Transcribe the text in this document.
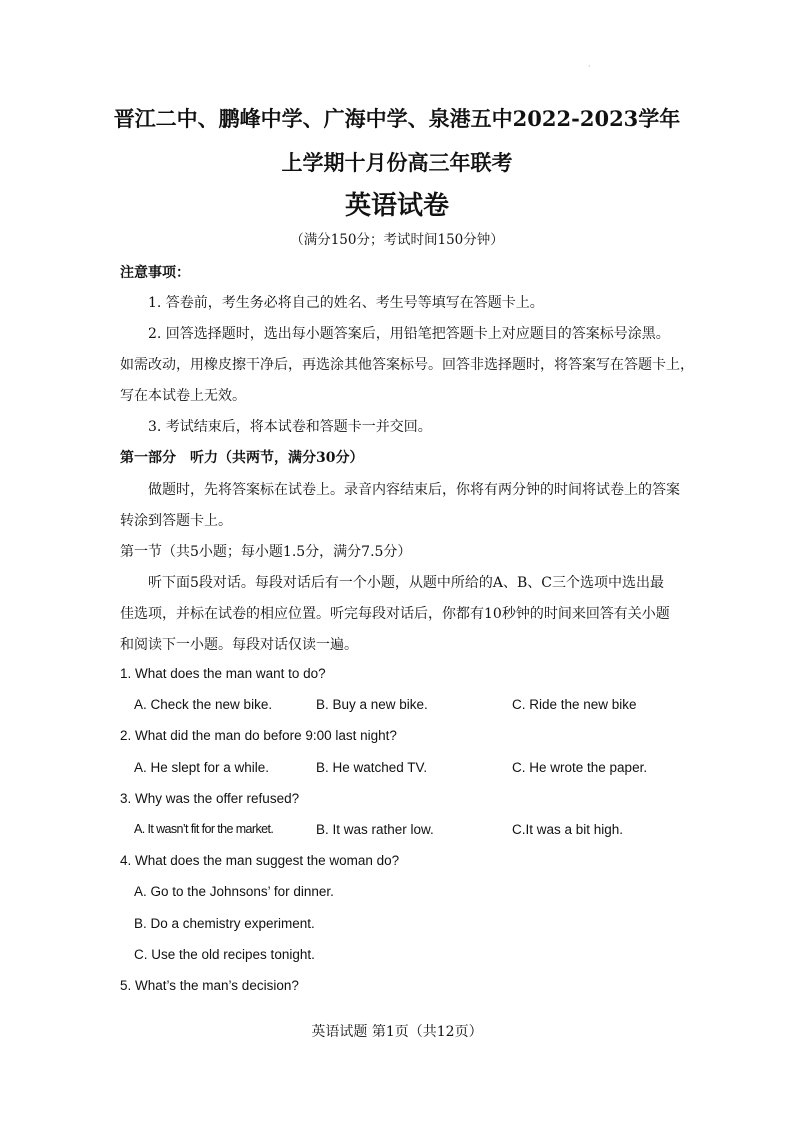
·
晋江二中、鹏峰中学、广海中学、泉港五中2022-2023学年
上学期十月份高三年联考
英语试卷
（满分150分；考试时间150分钟）
注意事项：
1. 答卷前，考生务必将自己的姓名、考生号等填写在答题卡上。
2. 回答选择题时，选出每小题答案后，用铅笔把答题卡上对应题目的答案标号涂黑。
如需改动，用橡皮擦干净后，再选涂其他答案标号。回答非选择题时，将答案写在答题卡上，
写在本试卷上无效。
3. 考试结束后，将本试卷和答题卡一并交回。
第一部分　听力（共两节，满分30分）
做题时，先将答案标在试卷上。录音内容结束后，你将有两分钟的时间将试卷上的答案
转涂到答题卡上。
第一节（共5小题；每小题1.5分，满分7.5分）
听下面5段对话。每段对话后有一个小题，从题中所给的A、B、C三个选项中选出最
佳选项，并标在试卷的相应位置。听完每段对话后，你都有10秒钟的时间来回答有关小题
和阅读下一小题。每段对话仅读一遍。
1. What does the man want to do?
A. Check the new bike.	B. Buy a new bike.	C. Ride the new bike
2. What did the man do before 9:00 last night?
A. He slept for a while.	B. He watched TV.	C. He wrote the paper.
3. Why was the offer refused?
A. It wasn’t fit for the market.	B. It was rather low.	C.It was a bit high.
4. What does the man suggest the woman do?
A. Go to the Johnsons’ for dinner.
B. Do a chemistry experiment.
C. Use the old recipes tonight.
5. What’s the man’s decision?
英语试题 第1页（共12页）
